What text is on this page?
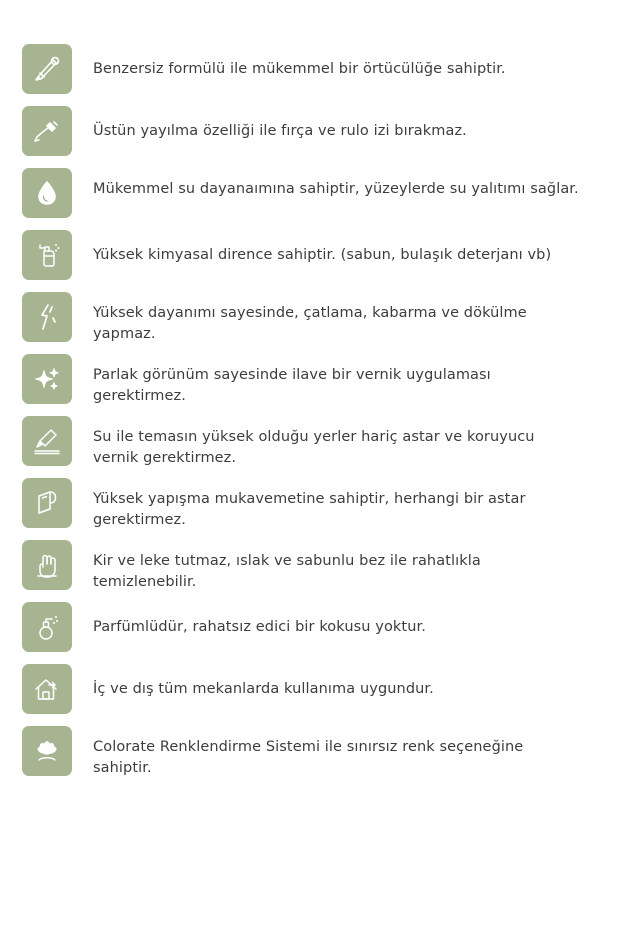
Benzersiz formülü ile mükemmel bir örtücülüğe sahiptir.
Üstün yayılma özelliği ile fırça ve rulo izi bırakmaz.
Mükemmel su dayanaımına sahiptir, yüzeylerde su yalıtımı sağlar.
Yüksek kimyasal dirence sahiptir. (sabun, bulaşık deterjanı vb)
Yüksek dayanımı sayesinde, çatlama, kabarma ve dökülme yapmaz.
Parlak görünüm sayesinde ilave bir vernik uygulaması gerektirmez.
Su ile temasın yüksek olduğu yerler hariç astar ve koruyucu vernik gerektirmez.
Yüksek yapışma mukavemetine sahiptir, herhangi bir astar gerektirmez.
Kir ve leke tutmaz, ıslak ve sabunlu bez ile rahatlıkla temizlenebilir.
Parfümlüdür, rahatsız edici bir kokusu yoktur.
İç ve dış tüm mekanlarda kullanıma uygundur.
Colorate Renklendirme Sistemi ile sınırsız renk seçeneğine sahiptir.
